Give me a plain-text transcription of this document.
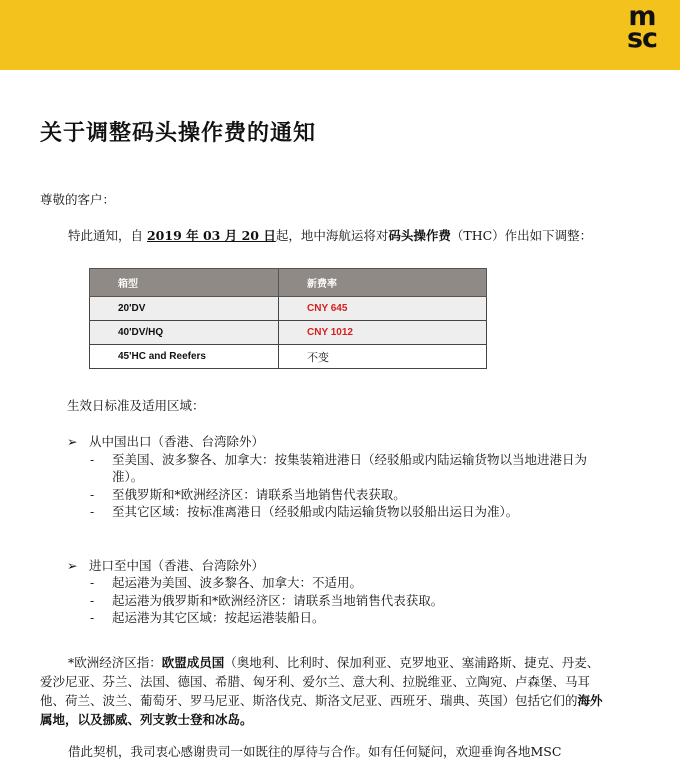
m
sc
关于调整码头操作费的通知
尊敬的客户：
特此通知，自 2019 年 03 月 20 日起，地中海航运将对码头操作费（THC）作出如下调整：
箱型	新费率
20'DV	CNY 645
40'DV/HQ	CNY 1012
45'HC and Reefers	不变
生效日标准及适用区域：
➢ 从中国出口（香港、台湾除外）
- 至美国、波多黎各、加拿大：按集装箱进港日（经驳船或内陆运输货物以当地进港日为准）。
- 至俄罗斯和*欧洲经济区：请联系当地销售代表获取。
- 至其它区域：按标准离港日（经驳船或内陆运输货物以驳船出运日为准）。
➢ 进口至中国（香港、台湾除外）
- 起运港为美国、波多黎各、加拿大：不适用。
- 起运港为俄罗斯和*欧洲经济区：请联系当地销售代表获取。
- 起运港为其它区域：按起运港装船日。
*欧洲经济区指：欧盟成员国（奥地利、比利时、保加利亚、克罗地亚、塞浦路斯、捷克、丹麦、爱沙尼亚、芬兰、法国、德国、希腊、匈牙利、爱尔兰、意大利、拉脱维亚、立陶宛、卢森堡、马耳他、荷兰、波兰、葡萄牙、罗马尼亚、斯洛伐克、斯洛文尼亚、西班牙、瑞典、英国）包括它们的海外属地，以及挪威、列支敦士登和冰岛。
借此契机，我司衷心感谢贵司一如既往的厚待与合作。如有任何疑问，欢迎垂询各地MSC
